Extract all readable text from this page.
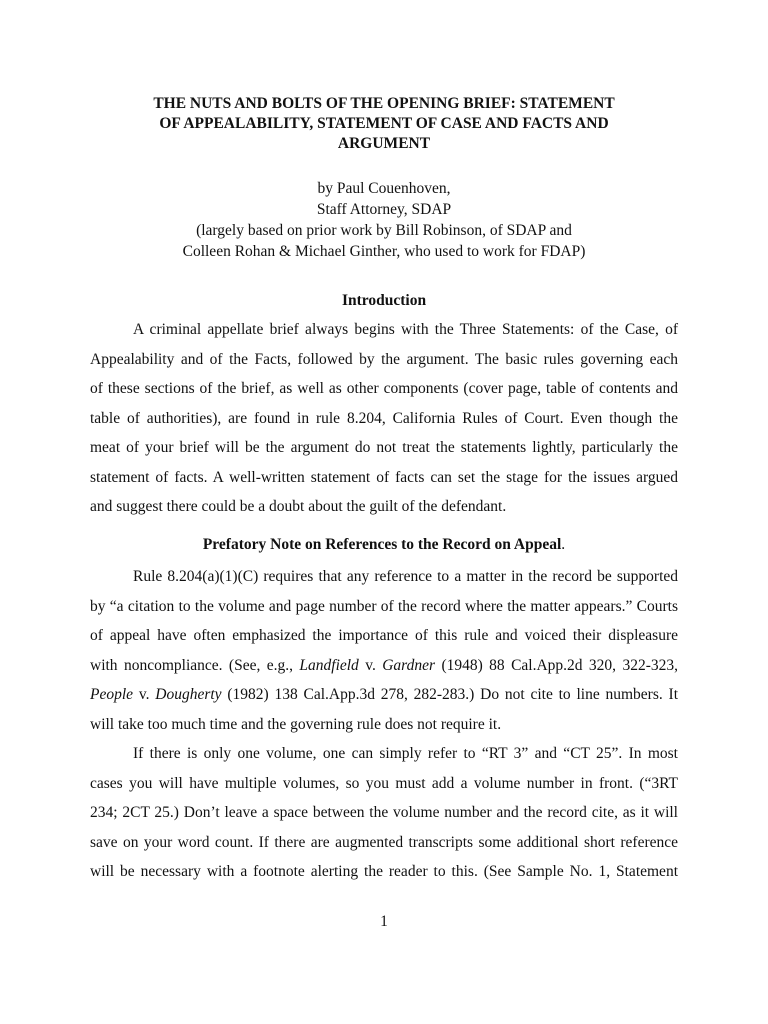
THE NUTS AND BOLTS OF THE OPENING BRIEF: STATEMENT
OF APPEALABILITY, STATEMENT OF CASE AND FACTS AND
ARGUMENT
by Paul Couenhoven,
Staff Attorney, SDAP
(largely based on prior work by Bill Robinson, of SDAP and
Colleen Rohan & Michael Ginther, who used to work for FDAP)
Introduction
A criminal appellate brief always begins with the Three Statements: of the Case, of
Appealability and of the Facts, followed by the argument. The basic rules governing each
of these sections of the brief, as well as other components (cover page, table of contents and
table of authorities), are found in rule 8.204, California Rules of Court. Even though the
meat of your brief will be the argument do not treat the statements lightly, particularly the
statement of facts. A well-written statement of facts can set the stage for the issues argued
and suggest there could be a doubt about the guilt of the defendant.
Prefatory Note on References to the Record on Appeal.
Rule 8.204(a)(1)(C) requires that any reference to a matter in the record be supported
by “a citation to the volume and page number of the record where the matter appears.” Courts
of appeal have often emphasized the importance of this rule and voiced their displeasure
with noncompliance. (See, e.g., Landfield v. Gardner (1948) 88 Cal.App.2d 320, 322-323,
People v. Dougherty (1982) 138 Cal.App.3d 278, 282-283.) Do not cite to line numbers. It
will take too much time and the governing rule does not require it.
If there is only one volume, one can simply refer to “RT 3” and “CT 25”. In most
cases you will have multiple volumes, so you must add a volume number in front. (“3RT
234; 2CT 25.) Don’t leave a space between the volume number and the record cite, as it will
save on your word count. If there are augmented transcripts some additional short reference
will be necessary with a footnote alerting the reader to this. (See Sample No. 1, Statement
1
